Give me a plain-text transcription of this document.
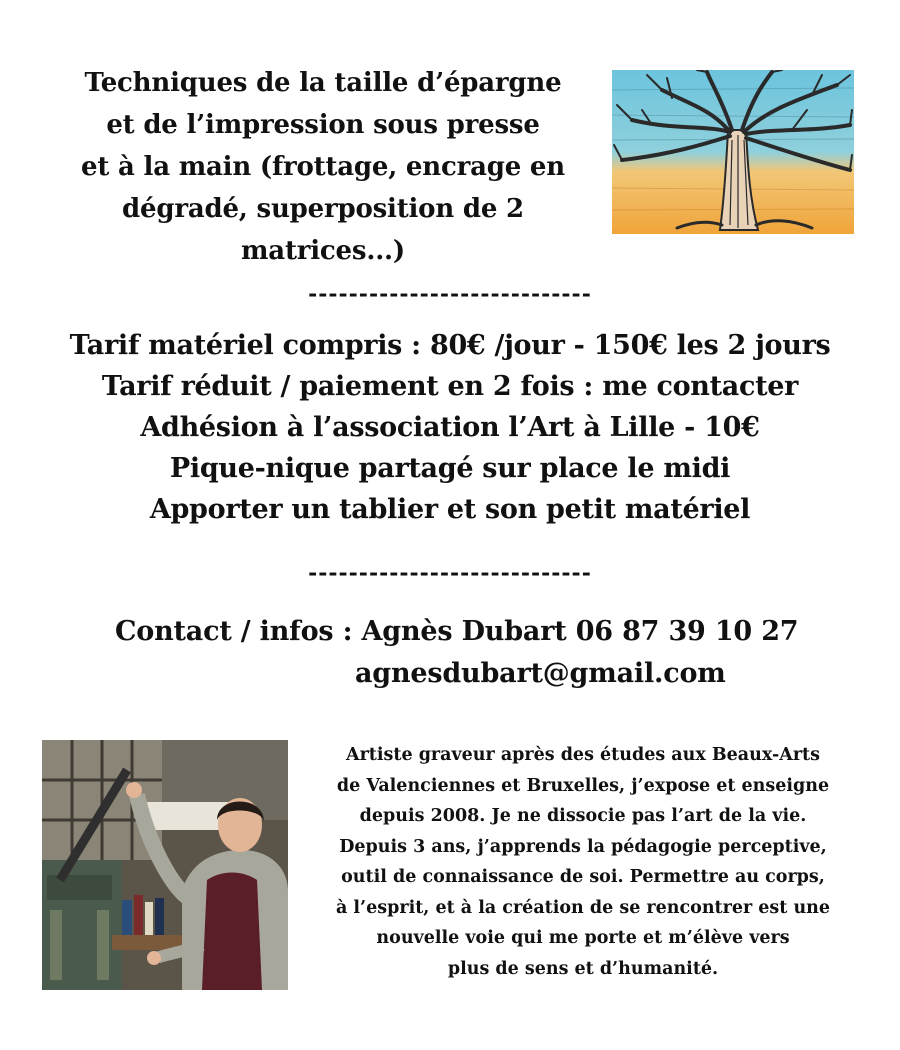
Techniques de la taille d’épargne
et de l’impression sous presse
et à la main (frottage, encrage en
dégradé, superposition de 2
matrices...)
----------------------------
Tarif matériel compris : 80€ /jour - 150€ les 2 jours
Tarif réduit / paiement en 2 fois : me contacter
Adhésion à l’association l’Art à Lille - 10€
Pique-nique partagé sur place le midi
Apporter un tablier et son petit matériel
----------------------------
Contact / infos : Agnès Dubart 06 87 39 10 27
agnesdubart@gmail.com
Artiste graveur après des études aux Beaux-Arts
de Valenciennes et Bruxelles, j’expose et enseigne
depuis 2008. Je ne dissocie pas l’art de la vie.
Depuis 3 ans, j’apprends la pédagogie perceptive,
outil de connaissance de soi. Permettre au corps,
à l’esprit, et à la création de se rencontrer est une
nouvelle voie qui me porte et m’élève vers
plus de sens et d’humanité.
